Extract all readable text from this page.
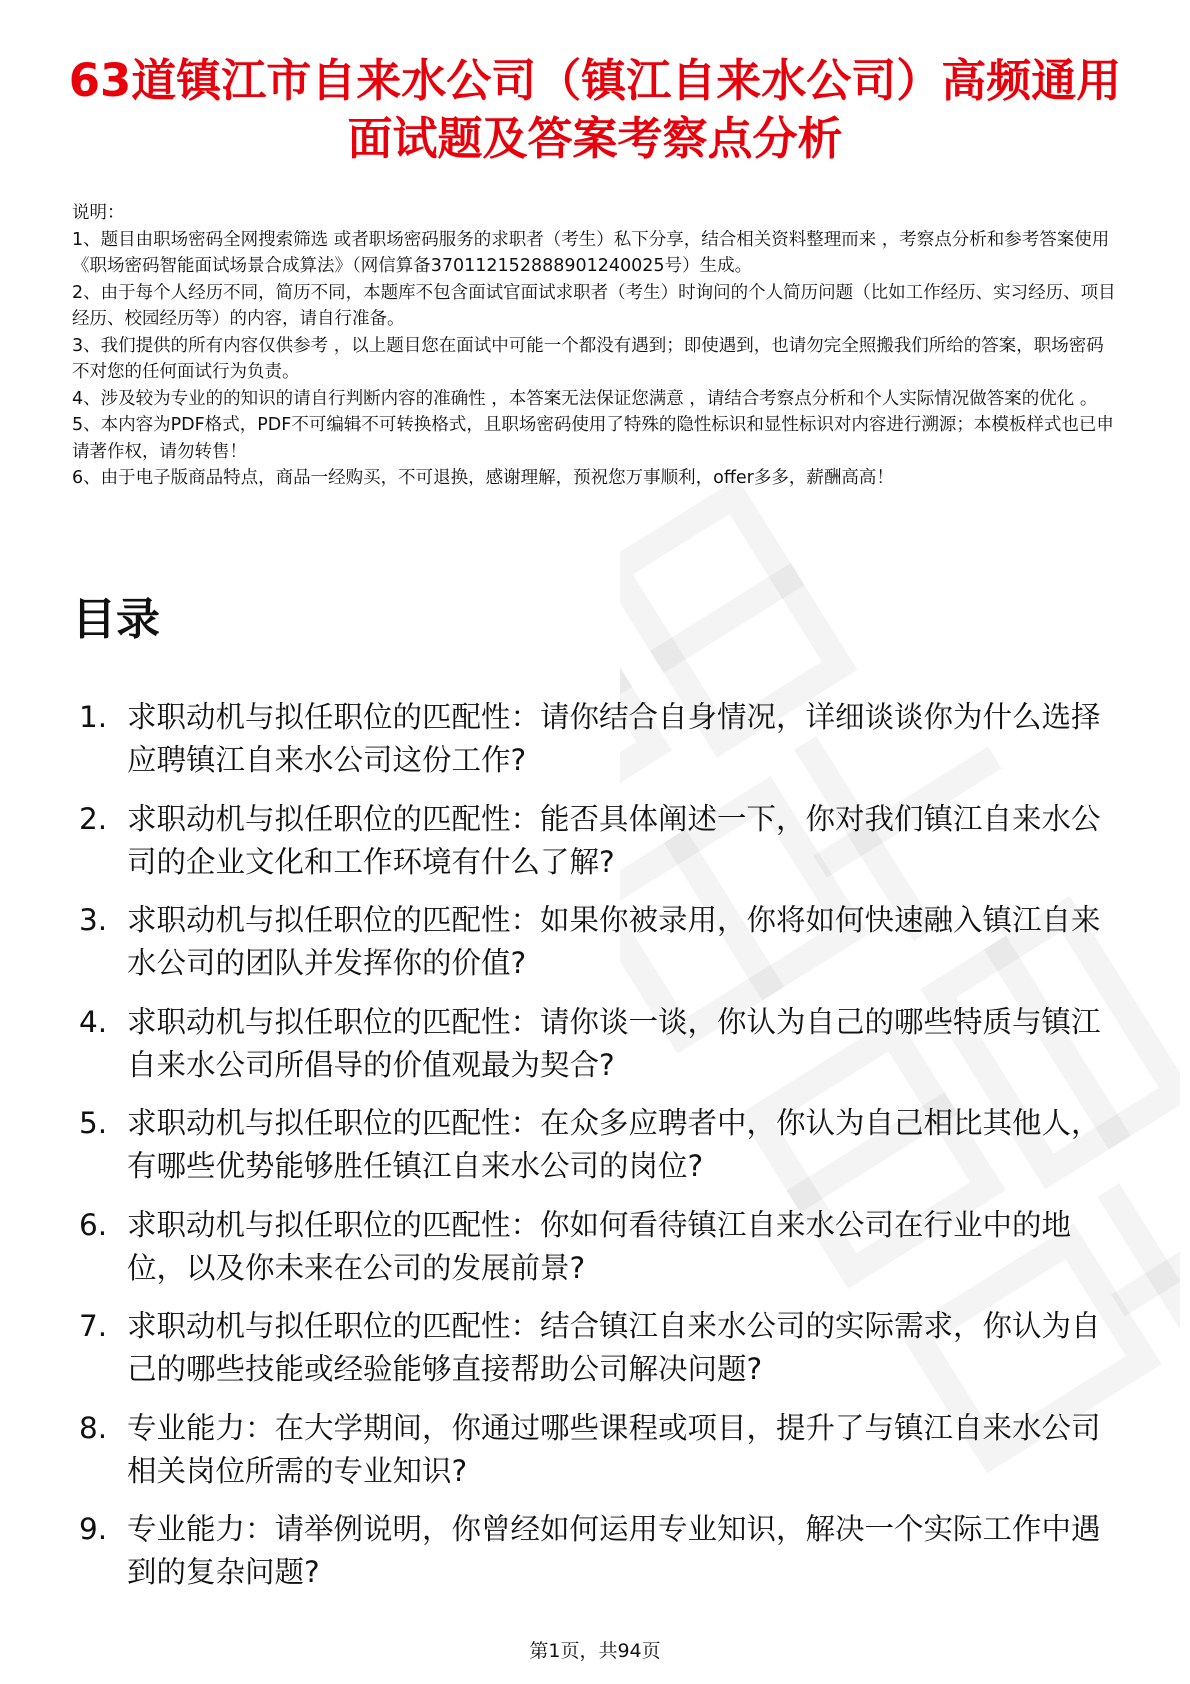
63道镇江市自来水公司（镇江自来水公司）高频通用面试题及答案考察点分析

说明：

1、题目由职场密码全网搜索筛选 或者职场密码服务的求职者（考生）私下分享，结合相关资料整理而来 ，考察点分析和参考答案使用《职场密码智能面试场景合成算法》（网信算备370112152888901240025号）生成。

2、由于每个人经历不同，简历不同，本题库不包含面试官面试求职者（考生）时询问的个人简历问题（比如工作经历、实习经历、项目经历、校园经历等）的内容，请自行准备。

3、我们提供的所有内容仅供参考 ，以上题目您在面试中可能一个都没有遇到；即使遇到，也请勿完全照搬我们所给的答案，职场密码不对您的任何面试行为负责。

4、涉及较为专业的的知识的请自行判断内容的准确性 ，本答案无法保证您满意 ，请结合考察点分析和个人实际情况做答案的优化 。

5、本内容为PDF格式，PDF不可编辑不可转换格式，且职场密码使用了特殊的隐性标识和显性标识对内容进行溯源；本模板样式也已申请著作权，请勿转售！

6、由于电子版商品特点，商品一经购买，不可退换，感谢理解，预祝您万事顺利，offer多多，薪酬高高！

目录
1. 求职动机与拟任职位的匹配性：请你结合自身情况，详细谈谈你为什么选择应聘镇江自来水公司这份工作?
2. 求职动机与拟任职位的匹配性：能否具体阐述一下，你对我们镇江自来水公司的企业文化和工作环境有什么了解?
3. 求职动机与拟任职位的匹配性：如果你被录用，你将如何快速融入镇江自来水公司的团队并发挥你的价值?
4. 求职动机与拟任职位的匹配性：请你谈一谈，你认为自己的哪些特质与镇江自来水公司所倡导的价值观最为契合?
5. 求职动机与拟任职位的匹配性：在众多应聘者中，你认为自己相比其他人，有哪些优势能够胜任镇江自来水公司的岗位?
6. 求职动机与拟任职位的匹配性：你如何看待镇江自来水公司在行业中的地位，以及你未来在公司的发展前景?
7. 求职动机与拟任职位的匹配性：结合镇江自来水公司的实际需求，你认为自己的哪些技能或经验能够直接帮助公司解决问题?
8. 专业能力：在大学期间，你通过哪些课程或项目，提升了与镇江自来水公司相关岗位所需的专业知识?
9. 专业能力：请举例说明，你曾经如何运用专业知识，解决一个实际工作中遇到的复杂问题?
第1页，共94页
